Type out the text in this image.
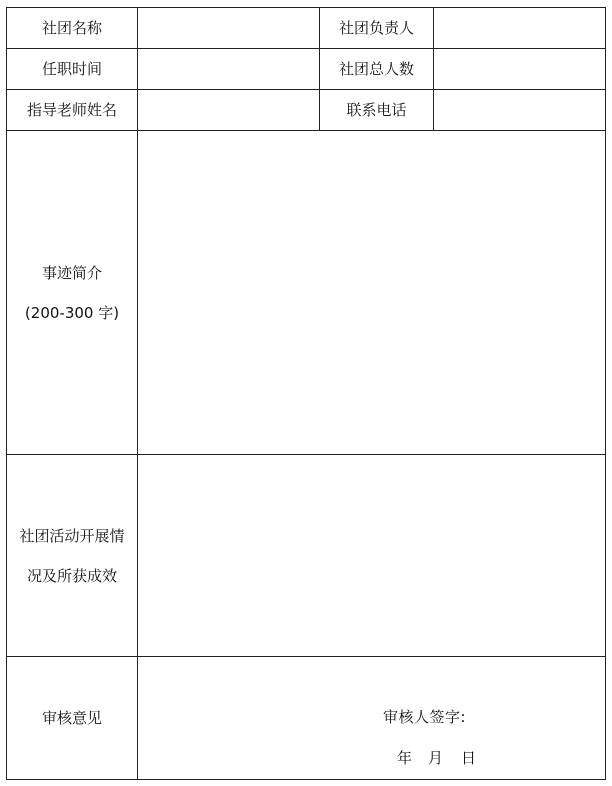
社团名称		社团负责人	
任职时间		社团总人数	
指导老师姓名		联系电话	

事迹简介

(200-300 字)			

社团活动开展情

况及所获成效			

审核意见	审核人签字:
年 月 日		
